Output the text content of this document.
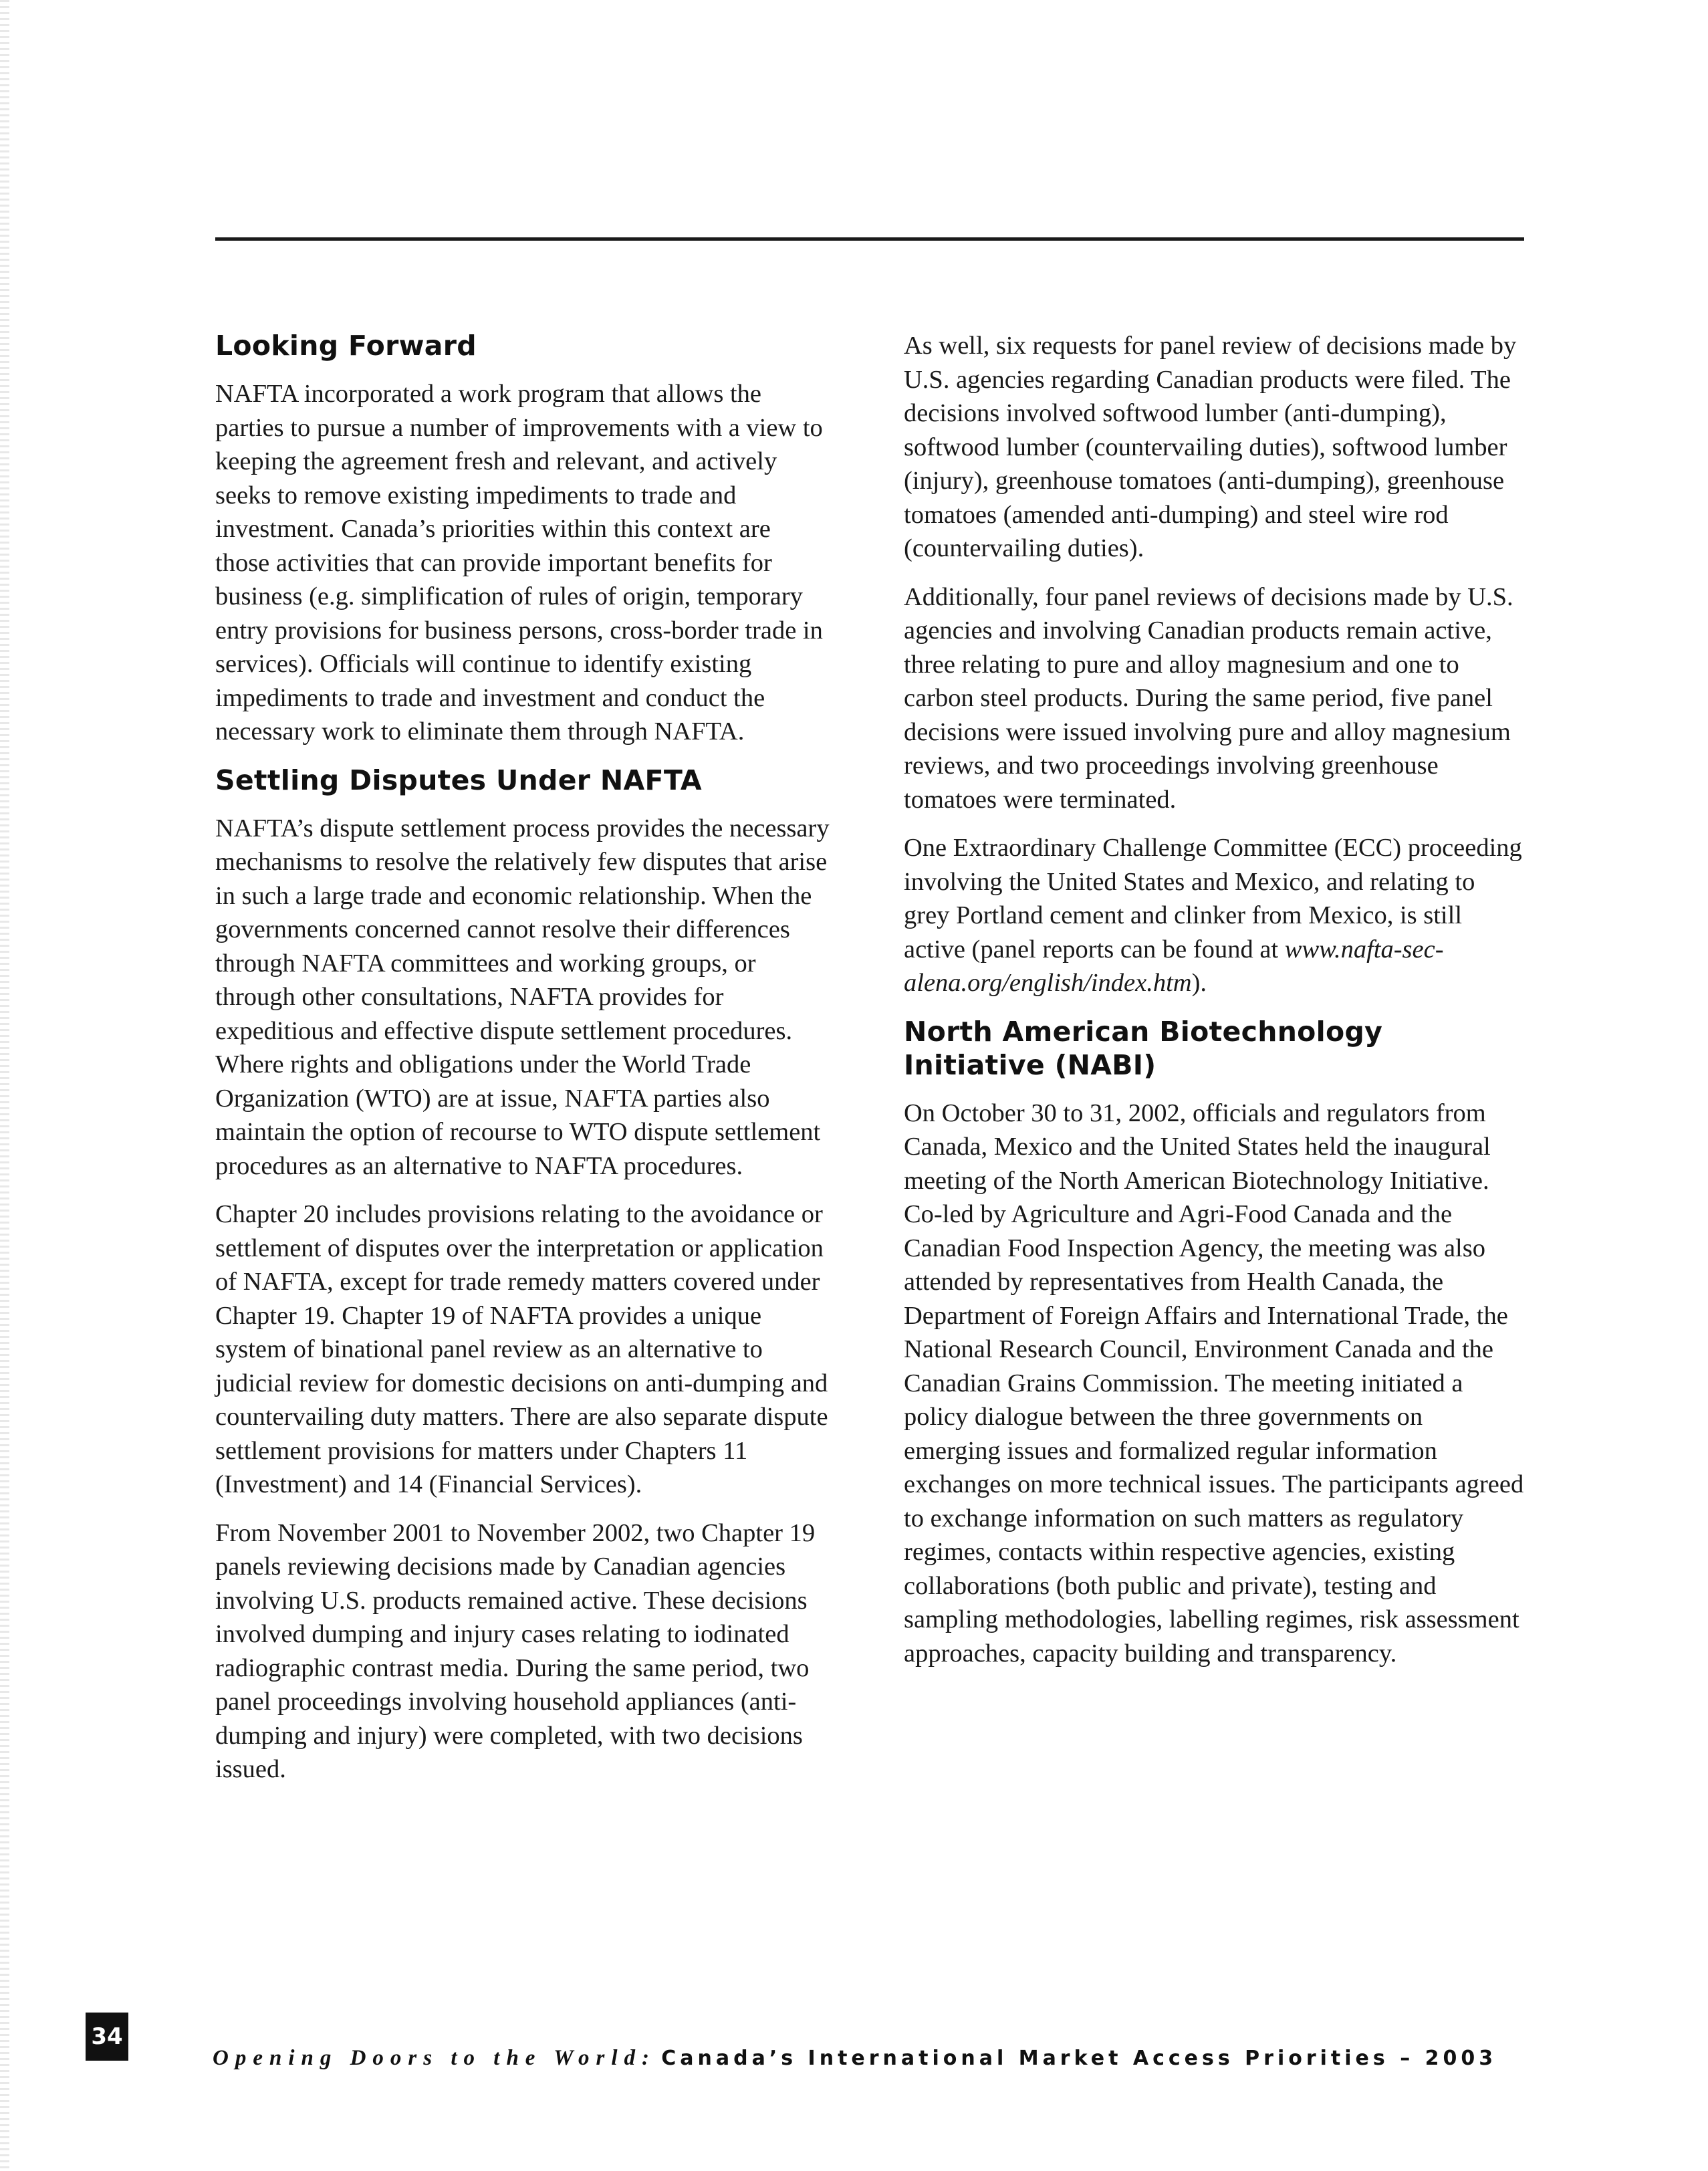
Looking Forward

NAFTA incorporated a work program that allows the parties to pursue a number of improvements with a view to keeping the agreement fresh and relevant, and actively seeks to remove existing impediments to trade and investment. Canada’s priorities within this context are those activities that can provide important benefits for business (e.g. simplification of rules of origin, temporary entry provisions for business persons, cross-border trade in services). Officials will continue to identify existing impediments to trade and investment and conduct the necessary work to eliminate them through NAFTA.

Settling Disputes Under NAFTA

NAFTA’s dispute settlement process provides the necessary mechanisms to resolve the relatively few disputes that arise in such a large trade and economic relationship. When the governments concerned cannot resolve their differences through NAFTA committees and working groups, or through other consultations, NAFTA provides for expeditious and effective dispute settlement procedures. Where rights and obligations under the World Trade Organization (WTO) are at issue, NAFTA parties also maintain the option of recourse to WTO dispute settlement procedures as an alternative to NAFTA procedures.

Chapter 20 includes provisions relating to the avoidance or settlement of disputes over the interpretation or application of NAFTA, except for trade remedy matters covered under Chapter 19. Chapter 19 of NAFTA provides a unique system of binational panel review as an alternative to judicial review for domestic decisions on anti-dumping and countervailing duty matters. There are also separate dispute settlement provisions for matters under Chapters 11 (Investment) and 14 (Financial Services).

From November 2001 to November 2002, two Chapter 19 panels reviewing decisions made by Canadian agencies involving U.S. products remained active. These decisions involved dumping and injury cases relating to iodinated radiographic contrast media. During the same period, two panel proceedings involving household appliances (anti-dumping and injury) were completed, with two decisions issued.

As well, six requests for panel review of decisions made by U.S. agencies regarding Canadian products were filed. The decisions involved softwood lumber (anti-dumping), softwood lumber (countervailing duties), softwood lumber (injury), greenhouse tomatoes (anti-dumping), greenhouse tomatoes (amended anti-dumping) and steel wire rod (countervailing duties).

Additionally, four panel reviews of decisions made by U.S. agencies and involving Canadian products remain active, three relating to pure and alloy magnesium and one to carbon steel products. During the same period, five panel decisions were issued involving pure and alloy magnesium reviews, and two proceedings involving greenhouse tomatoes were terminated.

One Extraordinary Challenge Committee (ECC) proceeding involving the United States and Mexico, and relating to grey Portland cement and clinker from Mexico, is still active (panel reports can be found at www.nafta-sec-alena.org/english/index.htm).

North American Biotechnology
Initiative (NABI)

On October 30 to 31, 2002, officials and regulators from Canada, Mexico and the United States held the inaugural meeting of the North American Biotechnology Initiative. Co-led by Agriculture and Agri-Food Canada and the Canadian Food Inspection Agency, the meeting was also attended by representatives from Health Canada, the Department of Foreign Affairs and International Trade, the National Research Council, Environment Canada and the Canadian Grains Commission. The meeting initiated a policy dialogue between the three governments on emerging issues and formalized regular information exchanges on more technical issues. The participants agreed to exchange information on such matters as regulatory regimes, contacts within respective agencies, existing collaborations (both public and private), testing and sampling methodologies, labelling regimes, risk assessment approaches, capacity building and transparency.

34
Opening Doors to the World: Canada’s International Market Access Priorities – 2003
